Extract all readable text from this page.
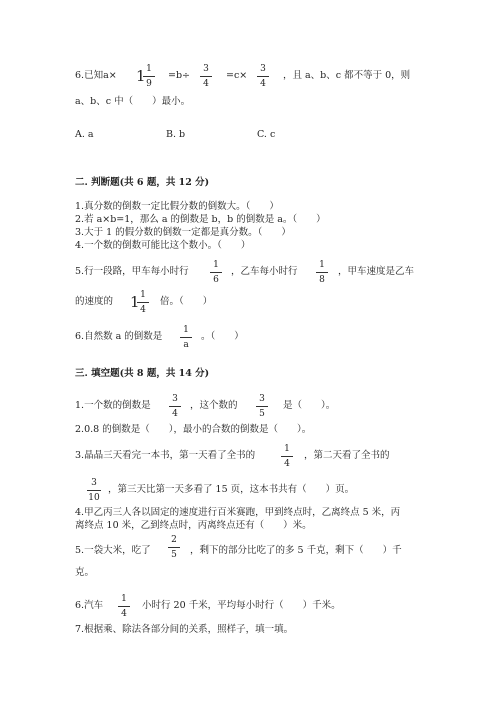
6.已知a× 1 1
9
=b÷
3
4
=c×
3
4
，且 a、b、c 都不等于 0，则
a、b、c 中（　　）最小。
A. a	B. b	C. c
二. 判断题(共 6 题，共 12 分)
1.真分数的倒数一定比假分数的倒数大。（　　）
2.若 a×b=1，那么 a 的倒数是 b，b 的倒数是 a。（　　）
3.大于 1 的假分数的倒数一定都是真分数。（　　）
4.一个数的倒数可能比这个数小。（　　）
5.行一段路，甲车每小时行
1
6
，乙车每小时行
1
8
，甲车速度是乙车
的速度的 1 1
4
倍。（　　）
6.自然数 a 的倒数是
1
a
。（　　）
三. 填空题(共 8 题，共 14 分)
1.一个数的倒数是
3
4
，这个数的
3
5
是（　　）。
2.0.8 的倒数是（　　），最小的合数的倒数是（　　）。
3.晶晶三天看完一本书，第一天看了全书的
1
4
，第二天看了全书的
3
10
，第三天比第一天多看了 15 页，这本书共有（　　）页。
4.甲乙丙三人各以固定的速度进行百米赛跑，甲到终点时，乙离终点 5 米，丙
离终点 10 米，乙到终点时，丙离终点还有（　　）米。
5.一袋大米，吃了
2
5	，剩下的部分比吃了的多 5 千克，剩下（　　）千
克。
6.汽车
1
4
小时行 20 千米，平均每小时行（　　）千米。
7.根据乘、除法各部分间的关系，照样子，填一填。
